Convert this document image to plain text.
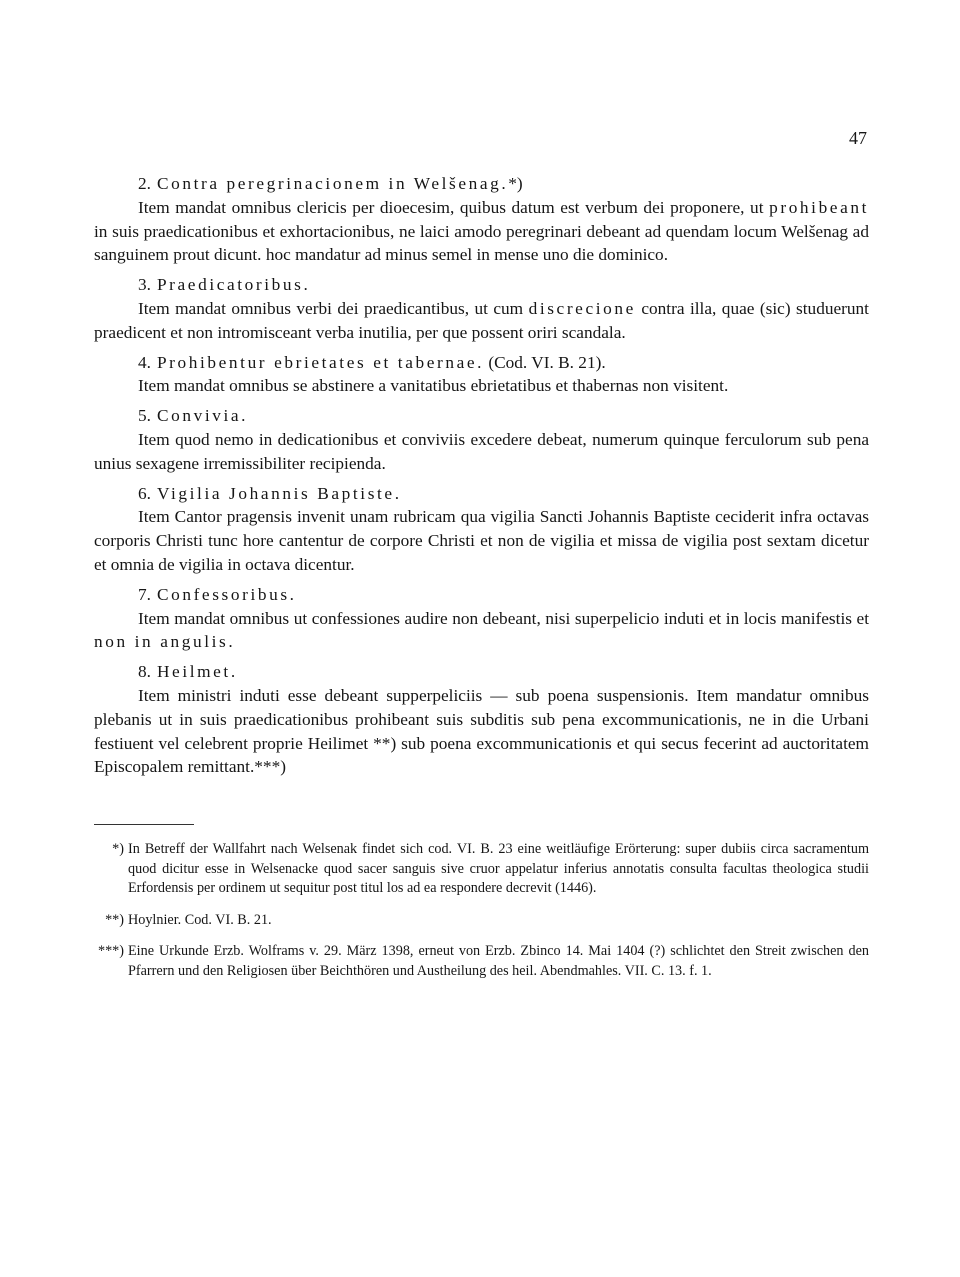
47
2. Contra peregrinacionem in Welšenag.*)

Item mandat omnibus clericis per dioecesim, quibus datum est verbum dei proponere, ut prohibeant in suis praedicationibus et exhortacionibus, ne laici amodo peregrinari debeant ad quendam locum Welšenag ad sanguinem prout dicunt. hoc mandatur ad minus semel in mense uno die dominico.

3. Praedicatoribus.

Item mandat omnibus verbi dei praedicantibus, ut cum discrecione contra illa, quae (sic) studuerunt praedicent et non intromisceant verba inutilia, per que possent oriri scandala.

4. Prohibentur ebrietates et tabernae. (Cod. VI. B. 21).

Item mandat omnibus se abstinere a vanitatibus ebrietatibus et thabernas non visitent.

5. Convivia.

Item quod nemo in dedicationibus et conviviis excedere debeat, numerum quinque ferculorum sub pena unius sexagene irremissibiliter recipienda.

6. Vigilia Johannis Baptiste.

Item Cantor pragensis invenit unam rubricam qua vigilia Sancti Johannis Baptiste ceciderit infra octavas corporis Christi tunc hore cantentur de corpore Christi et non de vigilia et missa de vigilia post sextam dicetur et omnia de vigilia in octava dicentur.

7. Confessoribus.

Item mandat omnibus ut confessiones audire non debeant, nisi superpelicio induti et in locis manifestis et non in angulis.

8. Heilmet.

Item ministri induti esse debeant supperpeliciis — sub poena suspensionis. Item mandatur omnibus plebanis ut in suis praedicationibus prohibeant suis subditis sub pena excommunicationis, ne in die Urbani festiuent vel celebrent proprie Heilimet **) sub poena excommunicationis et qui secus fecerint ad auctoritatem Episcopalem remittant.***)

*) In Betreff der Wallfahrt nach Welsenak findet sich cod. VI. B. 23 eine weitläufige Erörterung: super dubiis circa sacramentum quod dicitur esse in Welsenacke quod sacer sanguis sive cruor appelatur inferius annotatis consulta facultas theologica studii Erfordensis per ordinem ut sequitur post titul los ad ea respondere decrevit (1446).
**) Hoylnier. Cod. VI. B. 21.
***) Eine Urkunde Erzb. Wolframs v. 29. März 1398, erneut von Erzb. Zbinco 14. Mai 1404 (?) schlichtet den Streit zwischen den Pfarrern und den Religiosen über Beichthören und Austheilung des heil. Abendmahles. VII. C. 13. f. 1.
